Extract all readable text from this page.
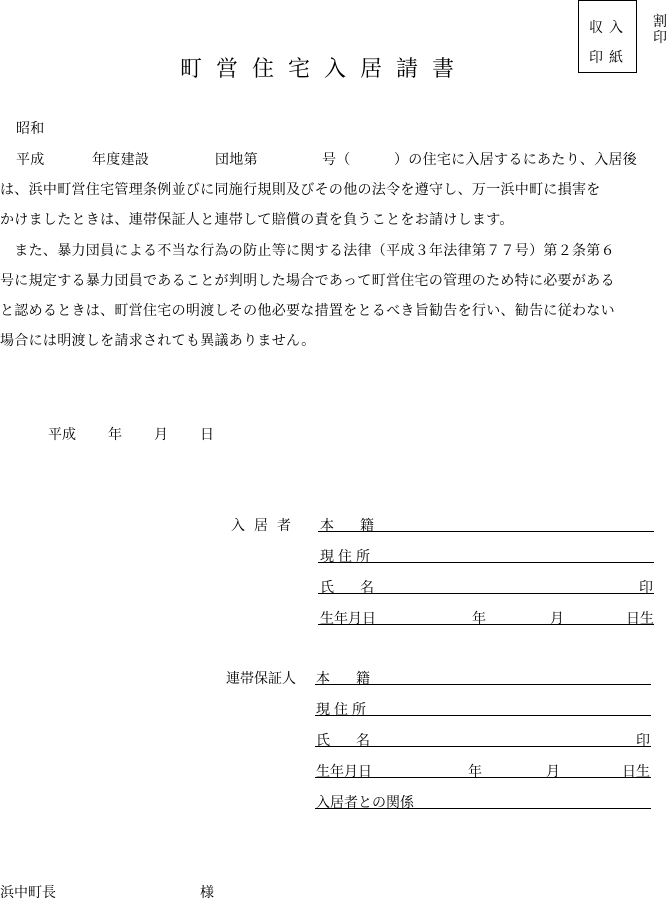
収入
印紙
割印
町営住宅入居請書
昭和
平成	年度建設	団地第	号（	）の住宅に入居するにあたり、入居後
は、浜中町営住宅管理条例並びに同施行規則及びその他の法令を遵守し、万一浜中町に損害を
かけましたときは、連帯保証人と連帯して賠償の責を負うことをお請けします。
　また、暴力団員による不当な行為の防止等に関する法律（平成３年法律第７７号）第２条第６
号に規定する暴力団員であることが判明した場合であって町営住宅の管理のため特に必要がある
と認めるときは、町営住宅の明渡しその他必要な措置をとるべき旨勧告を行い、勧告に従わない
場合には明渡しを請求されても異議ありません。
平成 年 月 日
入居者 本　籍
現住所
氏　名	印
生年月日	年	月	日生
連帯保証人 本　籍
現住所
氏　名	印
生年月日	年	月	日生
入居者との関係
浜中町長	様
